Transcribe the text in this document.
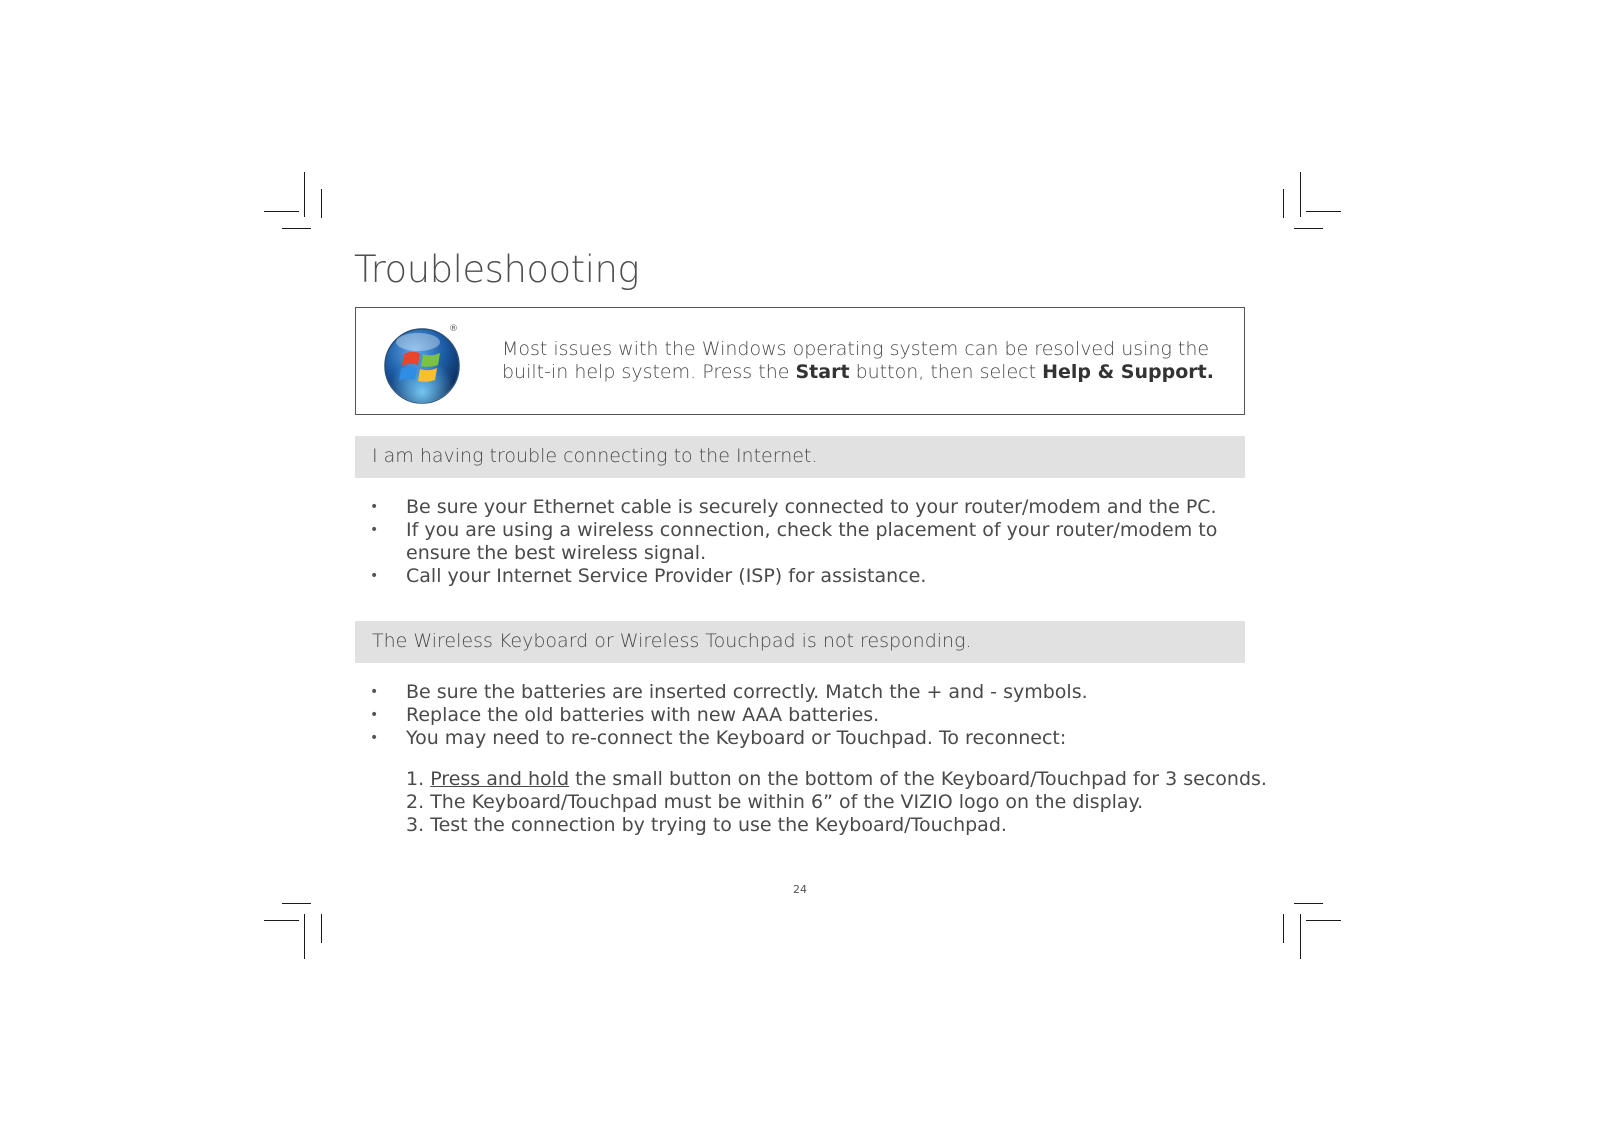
Troubleshooting
®
Most issues with the Windows operating system can be resolved using the
built-in help system. Press the Start button, then select Help & Support.
I am having trouble connecting to the Internet.
• Be sure your Ethernet cable is securely connected to your router/modem and the PC.
• If you are using a wireless connection, check the placement of your router/modem to
ensure the best wireless signal.
• Call your Internet Service Provider (ISP) for assistance.
The Wireless Keyboard or Wireless Touchpad is not responding.
• Be sure the batteries are inserted correctly. Match the + and - symbols.
• Replace the old batteries with new AAA batteries.
• You may need to re-connect the Keyboard or Touchpad. To reconnect:
1. Press and hold the small button on the bottom of the Keyboard/Touchpad for 3 seconds.
2. The Keyboard/Touchpad must be within 6” of the VIZIO logo on the display.
3. Test the connection by trying to use the Keyboard/Touchpad.
24
